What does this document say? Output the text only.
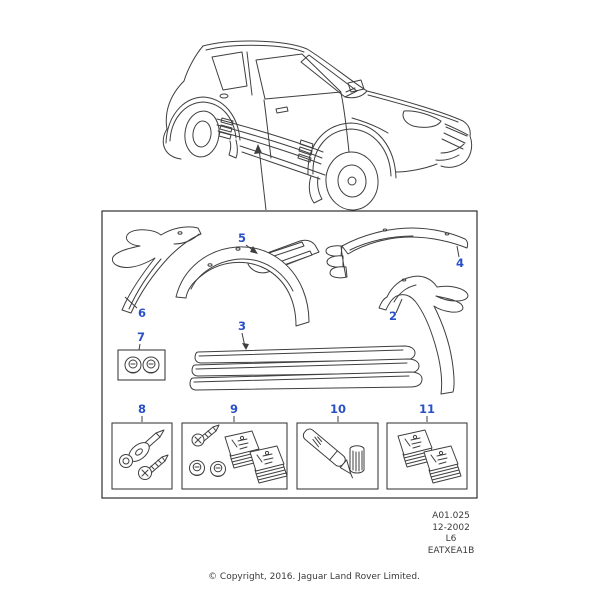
2
3
4
5
6
7
8	9	10	11
A01.025
12-2002
L6
EATXEA1B
© Copyright, 2016. Jaguar Land Rover Limited.
